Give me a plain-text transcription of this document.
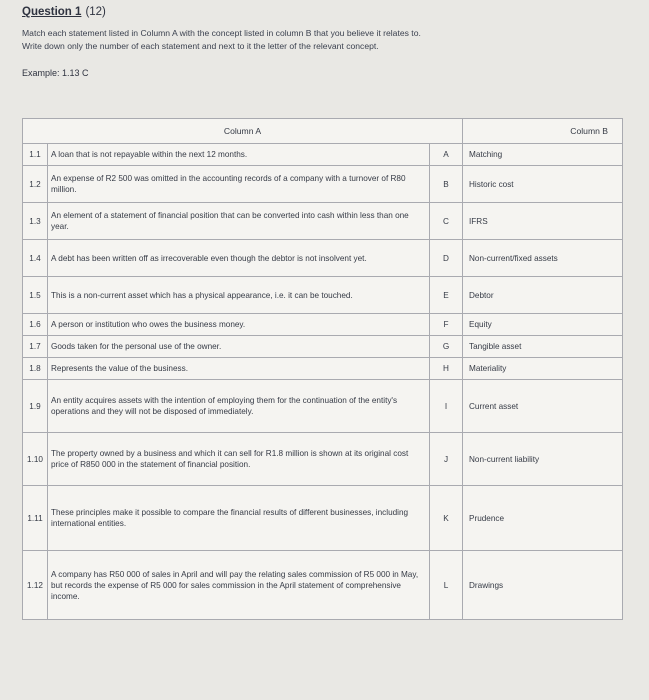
Question 1 (12)
Match each statement listed in Column A with the concept listed in column B that you believe it relates to.
Write down only the number of each statement and next to it the letter of the relevant concept.
Example: 1.13 C
Column A			Column B
1.1	A loan that is not repayable within the next 12 months.	A	Matching
1.2	An expense of R2 500 was omitted in the accounting records of a company with a turnover of R80 million.	B	Historic cost
1.3	An element of a statement of financial position that can be converted into cash within less than one year.	C	IFRS
1.4	A debt has been written off as irrecoverable even though the debtor is not insolvent yet.	D	Non-current/fixed assets
1.5	This is a non-current asset which has a physical appearance, i.e. it can be touched.	E	Debtor
1.6	A person or institution who owes the business money.	F	Equity
1.7	Goods taken for the personal use of the owner.	G	Tangible asset
1.8	Represents the value of the business.	H	Materiality
1.9	An entity acquires assets with the intention of employing them for the continuation of the entity's operations and they will not be disposed of immediately.	I	Current asset
1.10	The property owned by a business and which it can sell for R1.8 million is shown at its original cost price of R850 000 in the statement of financial position.	J	Non-current liability
1.11	These principles make it possible to compare the financial results of different businesses, including international entities.	K	Prudence
1.12	A company has R50 000 of sales in April and will pay the relating sales commission of R5 000 in May, but records the expense of R5 000 for sales commission in the April statement of comprehensive income.	L	Drawings
